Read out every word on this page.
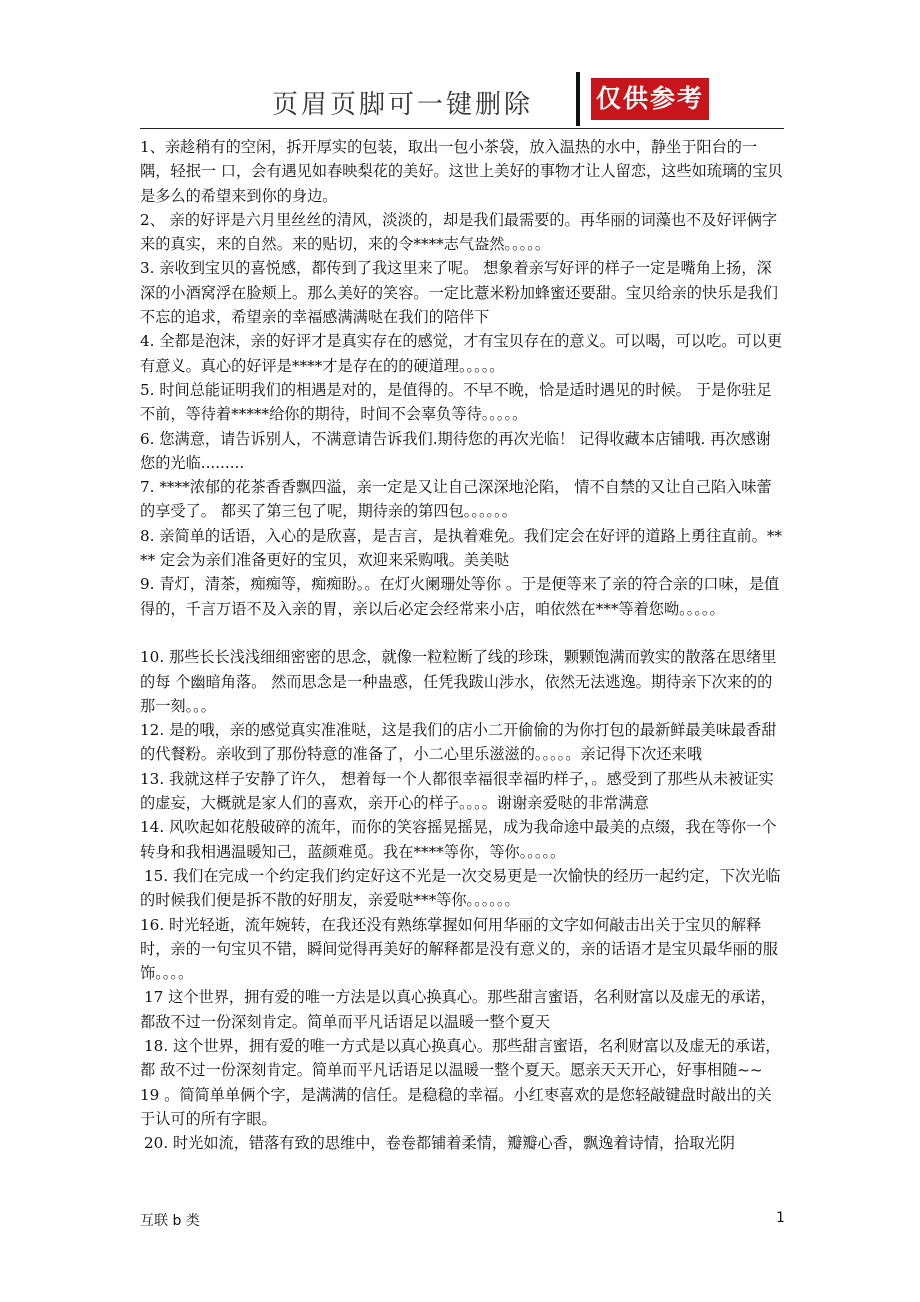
页眉页脚可一键删除	仅供参考

1、亲趁稍有的空闲，拆开厚实的包装，取出一包小茶袋，放入温热的水中，静坐于阳台的一隅，轻抿一 口，会有遇见如春映梨花的美好。这世上美好的事物才让人留恋，这些如琉璃的宝贝是多么的希望来到你的身边。

2、 亲的好评是六月里丝丝的清风，淡淡的，却是我们最需要的。再华丽的词藻也不及好评俩字 来的真实，来的自然。来的贴切，来的令****志气盎然。。。。。

3. 亲收到宝贝的喜悦感，都传到了我这里来了呢。 想象着亲写好评的样子一定是嘴角上扬，深深的小酒窝浮在脸颊上。那么美好的笑容。一定比薏米粉加蜂蜜还要甜。宝贝给亲的快乐是我们不忘的追求，希望亲的幸福感满满哒在我们的陪伴下

4. 全都是泡沫，亲的好评才是真实存在的感觉，才有宝贝存在的意义。可以喝，可以吃。可以更有意义。真心的好评是****才是存在的的硬道理。。。。。

5. 时间总能证明我们的相遇是对的，是值得的。不早不晚，恰是适时遇见的时候。 于是你驻足不前，等待着*****给你的期待，时间不会辜负等待。。。。。

6. 您满意，请告诉别人，不满意请告诉我们.期待您的再次光临！ 记得收藏本店铺哦. 再次感谢您的光临.........

7. ****浓郁的花茶香香飘四溢，亲一定是又让自己深深地沦陷， 情不自禁的又让自己陷入味蕾的享受了。 都买了第三包了呢，期待亲的第四包。。。。。。

8. 亲简单的话语，入心的是欣喜，是吉言，是执着难免。我们定会在好评的道路上勇往直前。**** 定会为亲们准备更好的宝贝，欢迎来采购哦。美美哒

9. 青灯，清茶，痴痴等，痴痴盼。。在灯火阑珊处等你 。于是便等来了亲的符合亲的口味，是值得的，千言万语不及入亲的胃，亲以后必定会经常来小店，咱依然在***等着您呦。。。。。

10. 那些长长浅浅细细密密的思念，就像一粒粒断了线的珍珠，颗颗饱满而敦实的散落在思绪里的每 个幽暗角落。 然而思念是一种蛊惑，任凭我跋山涉水，依然无法逃逸。期待亲下次来的的那一刻。。。

12. 是的哦，亲的感觉真实准准哒，这是我们的店小二开偷偷的为你打包的最新鲜最美味最香甜的代餐粉。亲收到了那份特意的准备了，小二心里乐滋滋的。。。。。亲记得下次还来哦

13. 我就这样子安静了许久， 想着每一个人都很幸福很幸福旳样子，。感受到了那些从未被证实 的虚妄，大概就是家人们的喜欢，亲开心的样子。。。。谢谢亲爱哒的非常满意

14. 风吹起如花般破碎的流年，而你的笑容摇晃摇晃，成为我命途中最美的点缀，我在等你一个转身和我相遇温暖知己，蓝颜难觅。我在****等你，等你。。。。。

15. 我们在完成一个约定我们约定好这不光是一次交易更是一次愉快的经历一起约定，下次光临的时候我们便是拆不散的好朋友，亲爱哒***等你。。。。。。

16. 时光轻逝，流年婉转，在我还没有熟练掌握如何用华丽的文字如何敲击出关于宝贝的解释时，亲的一句宝贝不错，瞬间觉得再美好的解释都是没有意义的，亲的话语才是宝贝最华丽的服饰。。。。

17 这个世界，拥有爱的唯一方法是以真心换真心。那些甜言蜜语，名利财富以及虚无的承诺，都敌不过一份深刻肯定。简单而平凡话语足以温暖一整个夏天

18. 这个世界，拥有爱的唯一方式是以真心换真心。那些甜言蜜语，名利财富以及虚无的承诺，都 敌不过一份深刻肯定。简单而平凡话语足以温暖一整个夏天。愿亲天天开心，好事相随~~

19 。简简单单俩个字，是满满的信任。是稳稳的幸福。小红枣喜欢的是您轻敲键盘时敲出的关 于认可的所有字眼。

20. 时光如流，错落有致的思维中，卷卷都铺着柔情，瓣瓣心香，飘逸着诗情，拾取光阴

互联 b 类	1
